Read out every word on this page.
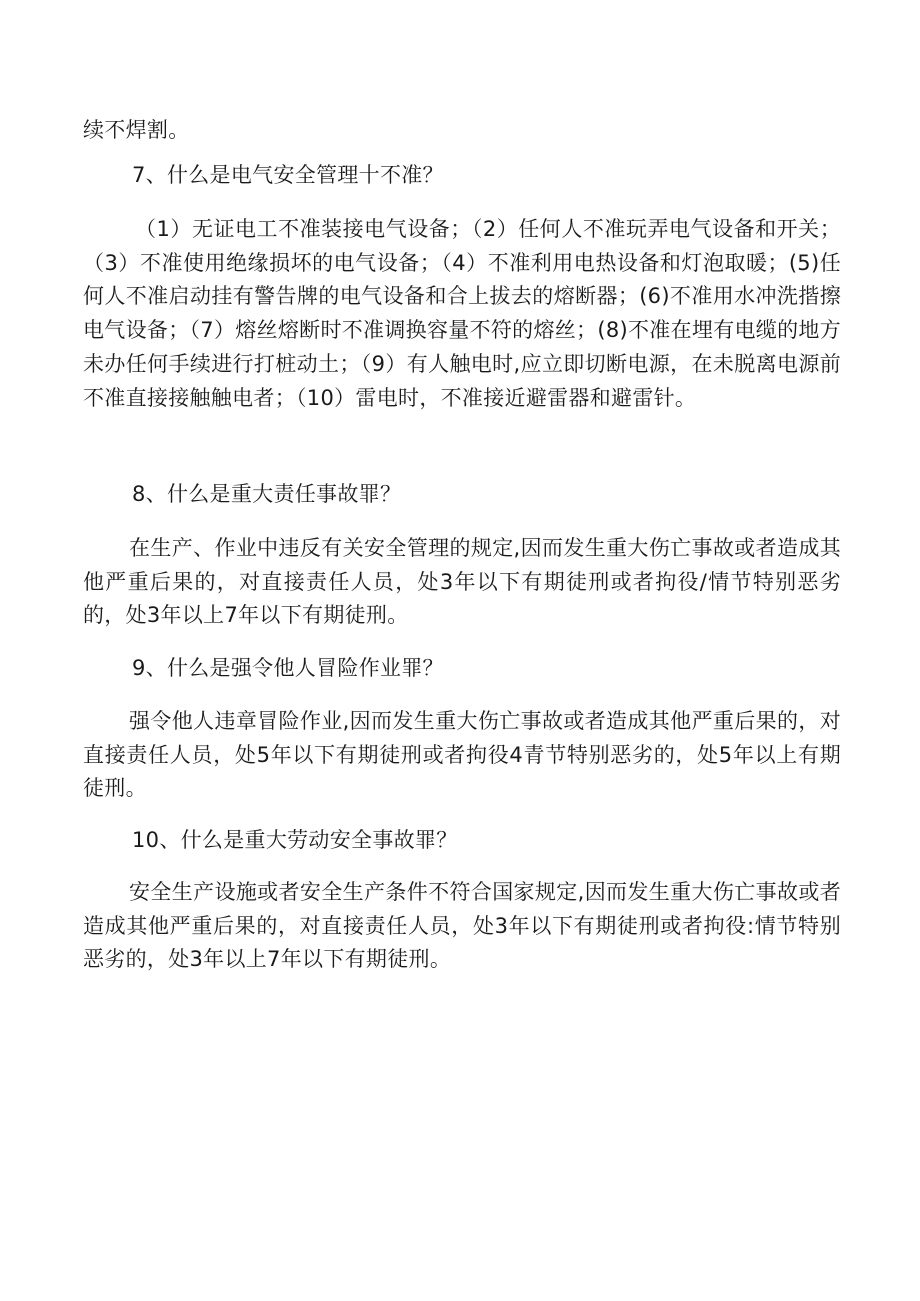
续不焊割。

7、什么是电气安全管理十不准？

（1）无证电工不准装接电气设备；（2）任何人不准玩弄电气设备和开关；（3）不准使用绝缘损坏的电气设备；（4）不准利用电热设备和灯泡取暖；(5)任何人不准启动挂有警告牌的电气设备和合上拔去的熔断器；(6)不准用水冲洗揩擦电气设备；（7）熔丝熔断时不准调换容量不符的熔丝；(8)不准在埋有电缆的地方未办任何手续进行打桩动土；（9）有人触电时,应立即切断电源，在未脱离电源前不准直接接触触电者；（10）雷电时，不准接近避雷器和避雷针。

8、什么是重大责任事故罪？

在生产、作业中违反有关安全管理的规定,因而发生重大伤亡事故或者造成其他严重后果的，对直接责任人员，处3年以下有期徒刑或者拘役/情节特别恶劣的，处3年以上7年以下有期徒刑。

9、什么是强令他人冒险作业罪？

强令他人违章冒险作业,因而发生重大伤亡事故或者造成其他严重后果的，对直接责任人员，处5年以下有期徒刑或者拘役4青节特别恶劣的，处5年以上有期徒刑。

10、什么是重大劳动安全事故罪？

安全生产设施或者安全生产条件不符合国家规定,因而发生重大伤亡事故或者造成其他严重后果的，对直接责任人员，处3年以下有期徒刑或者拘役:情节特别恶劣的，处3年以上7年以下有期徒刑。
